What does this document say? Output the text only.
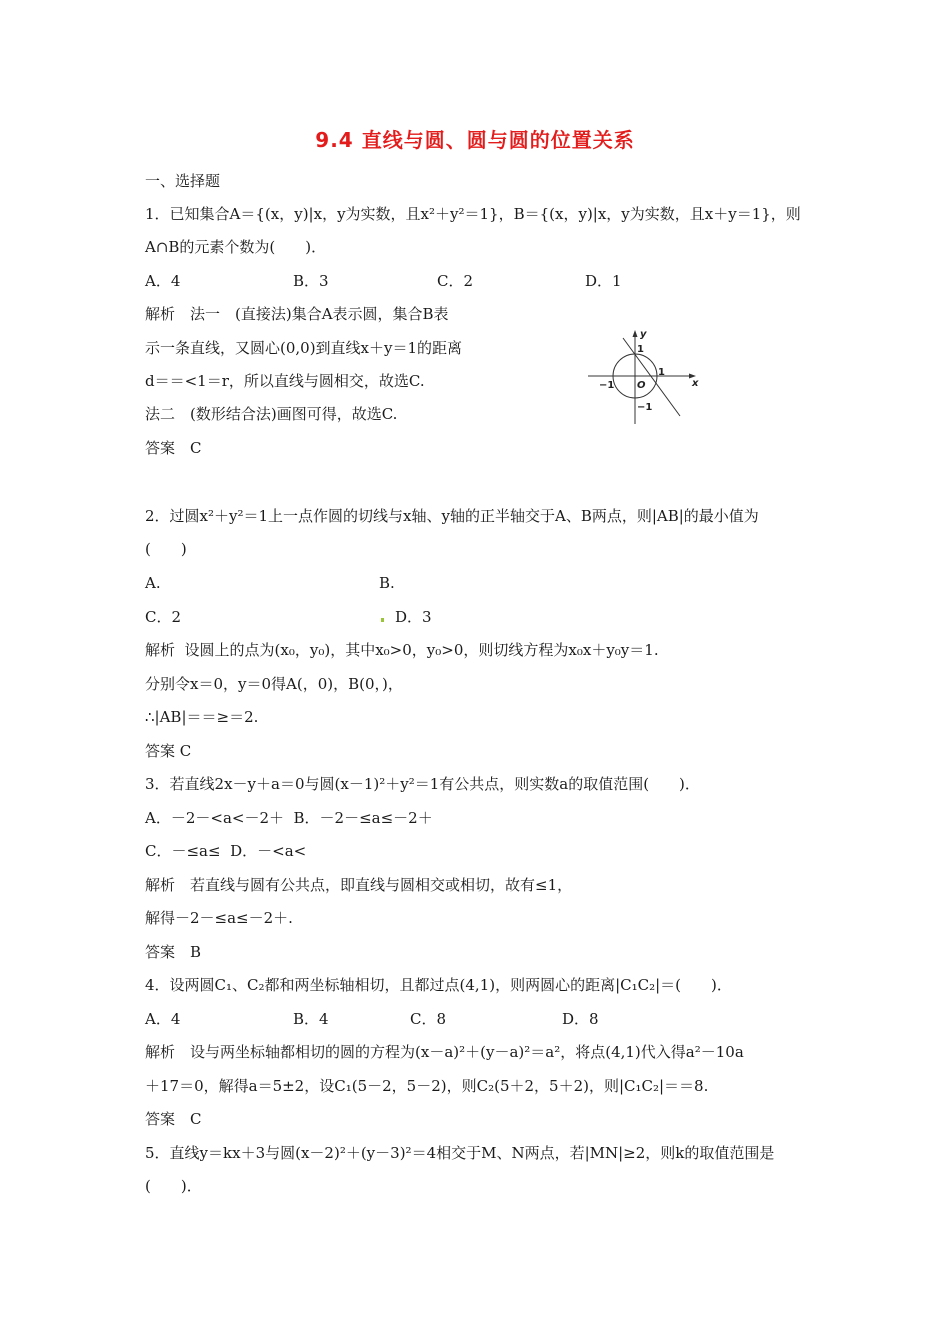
9.4 直线与圆、圆与圆的位置关系
一、选择题
1．已知集合A＝{(x，y)|x，y为实数，且x²＋y²＝1}，B＝{(x，y)|x，y为实数，且x＋y＝1}，则
A∩B的元素个数为(　　)．
A．4	B．3	C．2	D．1
解析　法一　(直接法)集合A表示圆，集合B表
示一条直线，又圆心(0,0)到直线x＋y＝1的距离
d＝＝<1＝r，所以直线与圆相交，故选C.
法二　(数形结合法)画图可得，故选C.
答案　C
y
x
1
1
−1
−1
O
2．过圆x²＋y²＝1上一点作圆的切线与x轴、y轴的正半轴交于A、B两点，则|AB|的最小值为
(　　)
A.	B.
C．2	D．3
解析  设圆上的点为(x₀，y₀)，其中x₀>0，y₀>0，则切线方程为x₀x＋y₀y＝1.
分别令x＝0，y＝0得A(，0)，B(0，)，
∴|AB|＝＝≥＝2.
答案 C
3．若直线2x－y＋a＝0与圆(x－1)²＋y²＝1有公共点，则实数a的取值范围(　　)．
A．－2－<a<－2＋  B．－2－≤a≤－2＋
C．－≤a≤  D．－<a<
解析　若直线与圆有公共点，即直线与圆相交或相切，故有≤1，
解得－2－≤a≤－2＋.
答案　B
4．设两圆C₁、C₂都和两坐标轴相切，且都过点(4,1)，则两圆心的距离|C₁C₂|＝(　　)．
A．4	B．4	C．8	D．8
解析　设与两坐标轴都相切的圆的方程为(x－a)²＋(y－a)²＝a²，将点(4,1)代入得a²－10a
＋17＝0，解得a＝5±2，设C₁(5－2，5－2)，则C₂(5＋2，5＋2)，则|C₁C₂|＝＝8.
答案　C
5．直线y＝kx＋3与圆(x－2)²＋(y－3)²＝4相交于M、N两点，若|MN|≥2，则k的取值范围是
(　　)．
